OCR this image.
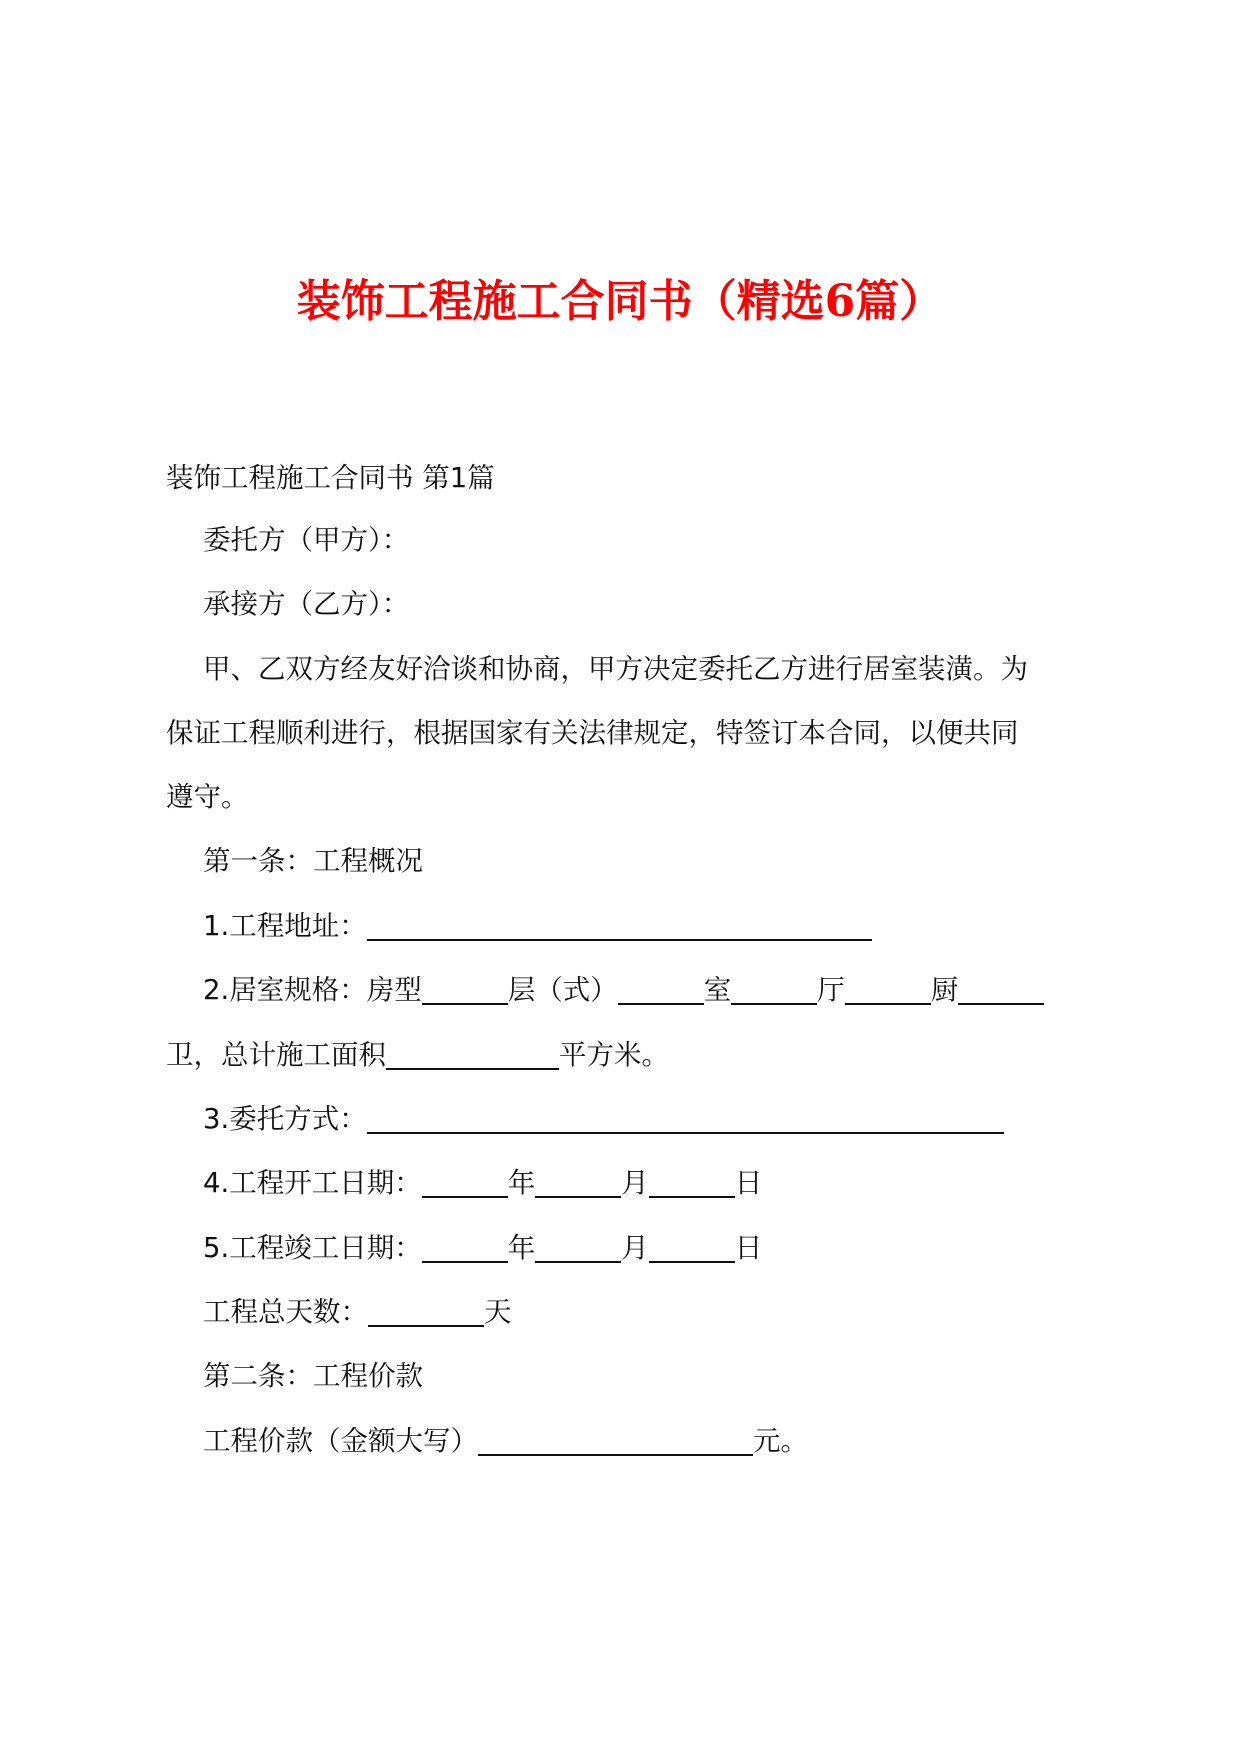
装饰工程施工合同书（精选6篇）
装饰工程施工合同书 第1篇
委托方（甲方）：
承接方（乙方）：
甲、乙双方经友好洽谈和协商，甲方决定委托乙方进行居室装潢。为
保证工程顺利进行，根据国家有关法律规定，特签订本合同，以便共同
遵守。
第一条：工程概况
1.工程地址：
2.居室规格：房型	层（式）	室	厅	厨
卫，总计施工面积	平方米。
3.委托方式：
4.工程开工日期：	年	月	日
5.工程竣工日期：	年	月	日
工程总天数：	天
第二条：工程价款
工程价款（金额大写）	元。
